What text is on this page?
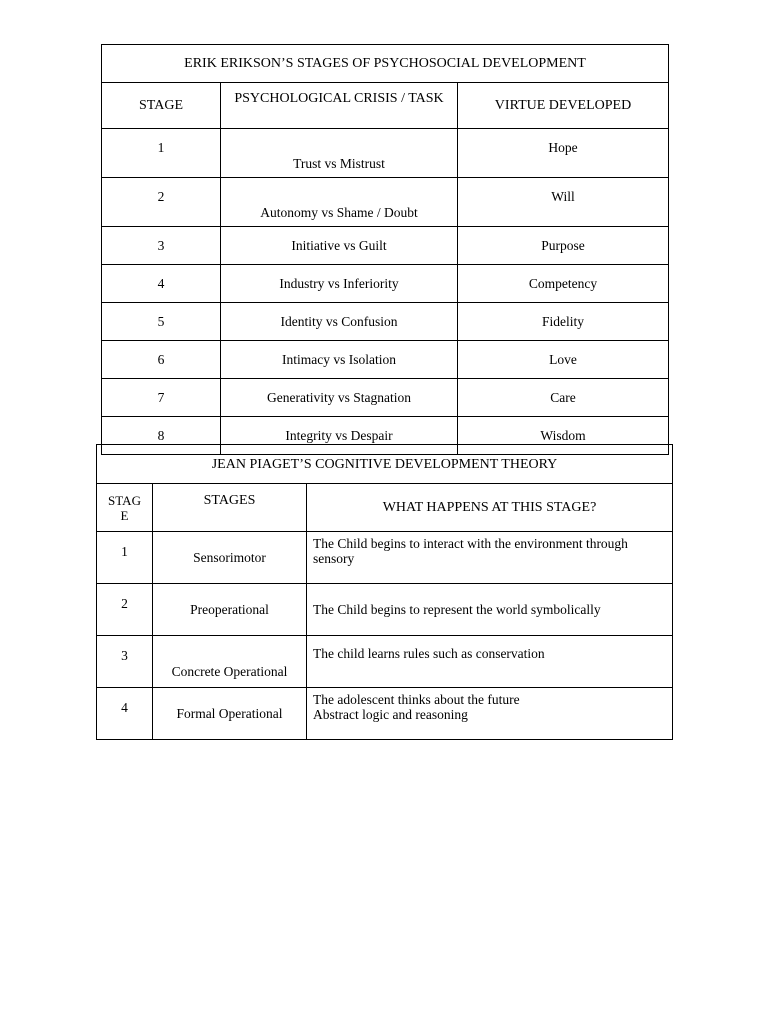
ERIK ERIKSON’S STAGES OF PSYCHOSOCIAL DEVELOPMENT		
STAGE	PSYCHOLOGICAL CRISIS / TASK	VIRTUE DEVELOPED
1	Trust vs Mistrust	Hope
2	Autonomy vs Shame / Doubt	Will
3	Initiative vs Guilt	Purpose
4	Industry vs Inferiority	Competency
5	Identity vs Confusion	Fidelity
6	Intimacy vs Isolation	Love
7	Generativity vs Stagnation	Care
8	Integrity vs Despair	Wisdom
JEAN PIAGET’S COGNITIVE DEVELOPMENT THEORY		

STAG
E	STAGES	WHAT HAPPENS AT THIS STAGE?
1	Sensorimotor	The Child begins to interact with the environment through
sensory

2	Preoperational	The Child begins to represent the world symbolically

3	Concrete Operational	The child learns rules such as conservation

4	Formal Operational	The adolescent thinks about the future
Abstract logic and reasoning
